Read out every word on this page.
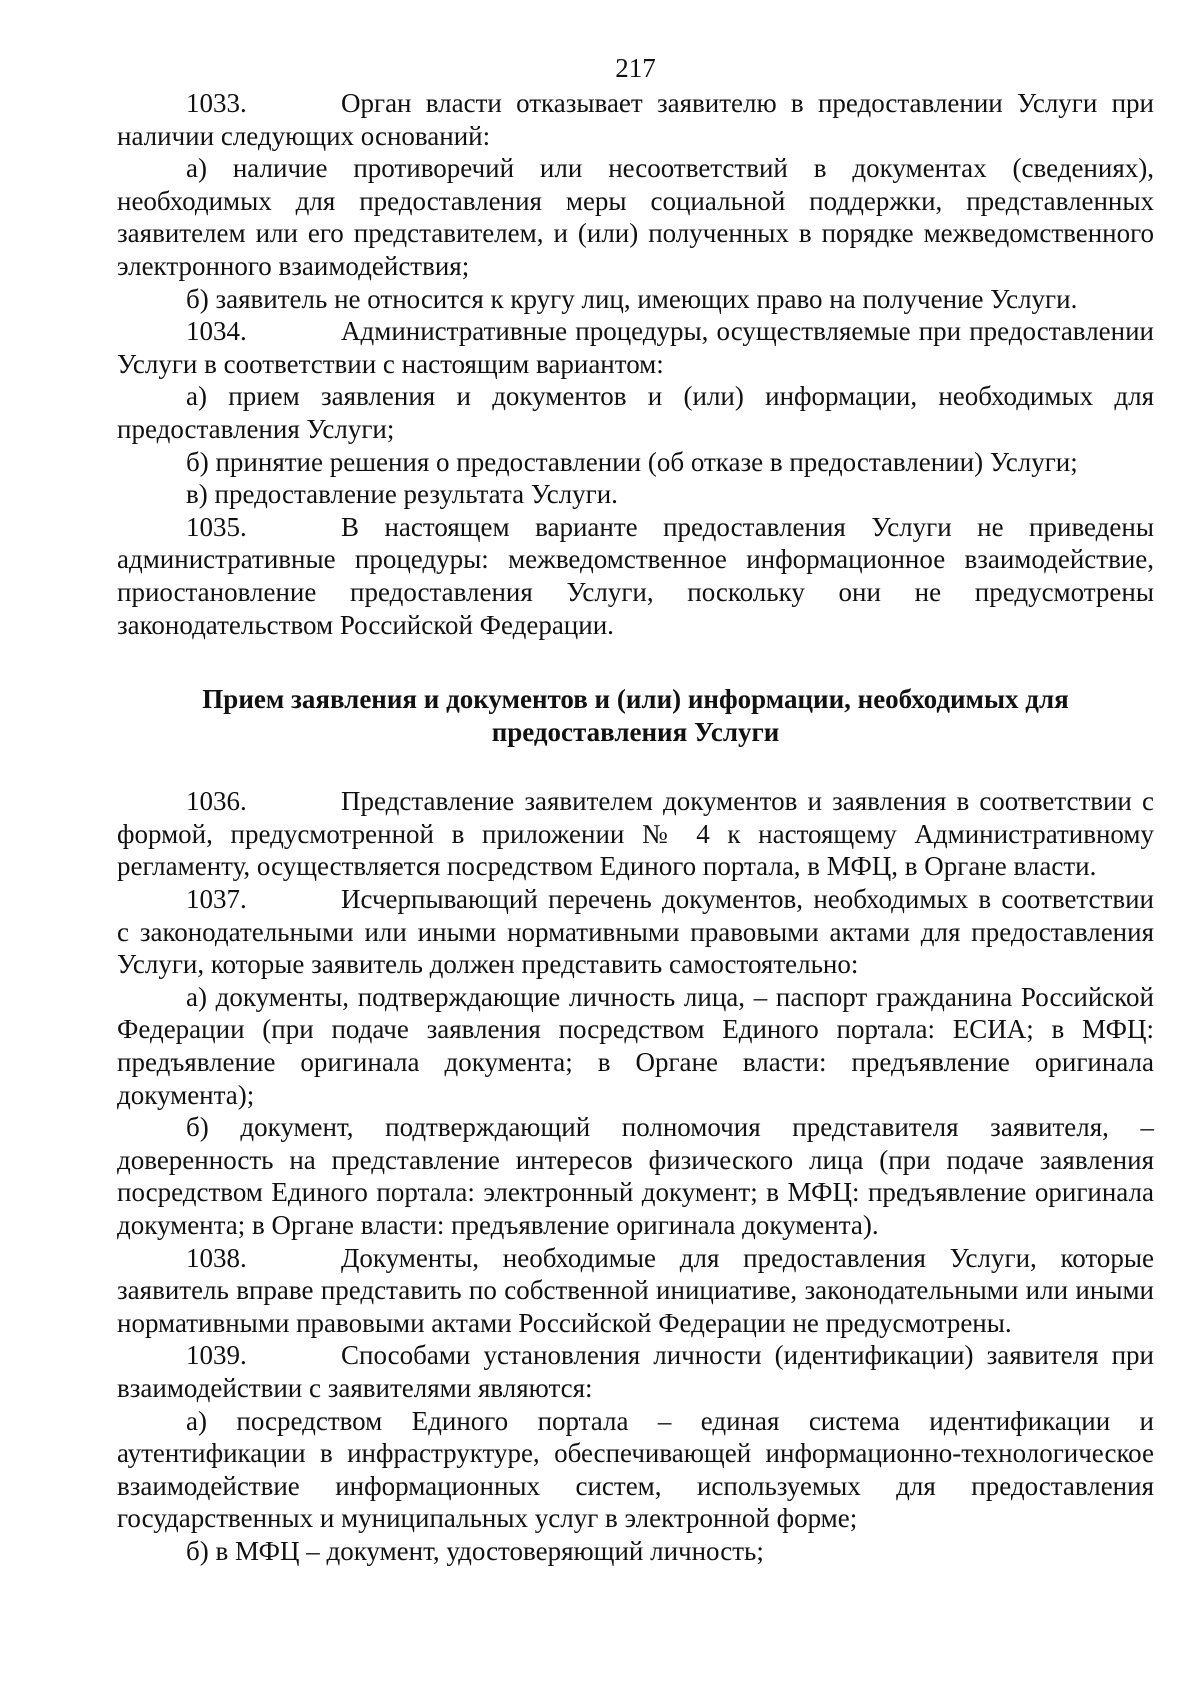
217

1033.	Орган власти отказывает заявителю в предоставлении Услуги при наличии следующих оснований:

а) наличие противоречий или несоответствий в документах (сведениях), необходимых для предоставления меры социальной поддержки, представленных заявителем или его представителем, и (или) полученных в порядке межведомственного электронного взаимодействия;

б) заявитель не относится к кругу лиц, имеющих право на получение Услуги.

1034.	Административные процедуры, осуществляемые при предоставлении Услуги в соответствии с настоящим вариантом:

а) прием заявления и документов и (или) информации, необходимых для предоставления Услуги;

б) принятие решения о предоставлении (об отказе в предоставлении) Услуги;

в) предоставление результата Услуги.

1035.	В настоящем варианте предоставления Услуги не приведены административные процедуры: межведомственное информационное взаимодействие, приостановление предоставления Услуги, поскольку они не предусмотрены законодательством Российской Федерации.

Прием заявления и документов и (или) информации, необходимых для
предоставления Услуги

1036.	Представление заявителем документов и заявления в соответствии с формой, предусмотренной в приложении № 4 к настоящему Административному регламенту, осуществляется посредством Единого портала, в МФЦ, в Органе власти.

1037.	Исчерпывающий перечень документов, необходимых в соответствии с законодательными или иными нормативными правовыми актами для предоставления Услуги, которые заявитель должен представить самостоятельно:

а) документы, подтверждающие личность лица, – паспорт гражданина Российской Федерации (при подаче заявления посредством Единого портала: ЕСИА; в МФЦ: предъявление оригинала документа; в Органе власти: предъявление оригинала документа);

б) документ, подтверждающий полномочия представителя заявителя, – доверенность на представление интересов физического лица (при подаче заявления посредством Единого портала: электронный документ; в МФЦ: предъявление оригинала документа; в Органе власти: предъявление оригинала документа).

1038.	Документы, необходимые для предоставления Услуги, которые заявитель вправе представить по собственной инициативе, законодательными или иными нормативными правовыми актами Российской Федерации не предусмотрены.

1039.	Способами установления личности (идентификации) заявителя при взаимодействии с заявителями являются:

а) посредством Единого портала – единая система идентификации и аутентификации в инфраструктуре, обеспечивающей информационно-технологическое взаимодействие информационных систем, используемых для предоставления государственных и муниципальных услуг в электронной форме;

б) в МФЦ – документ, удостоверяющий личность;
